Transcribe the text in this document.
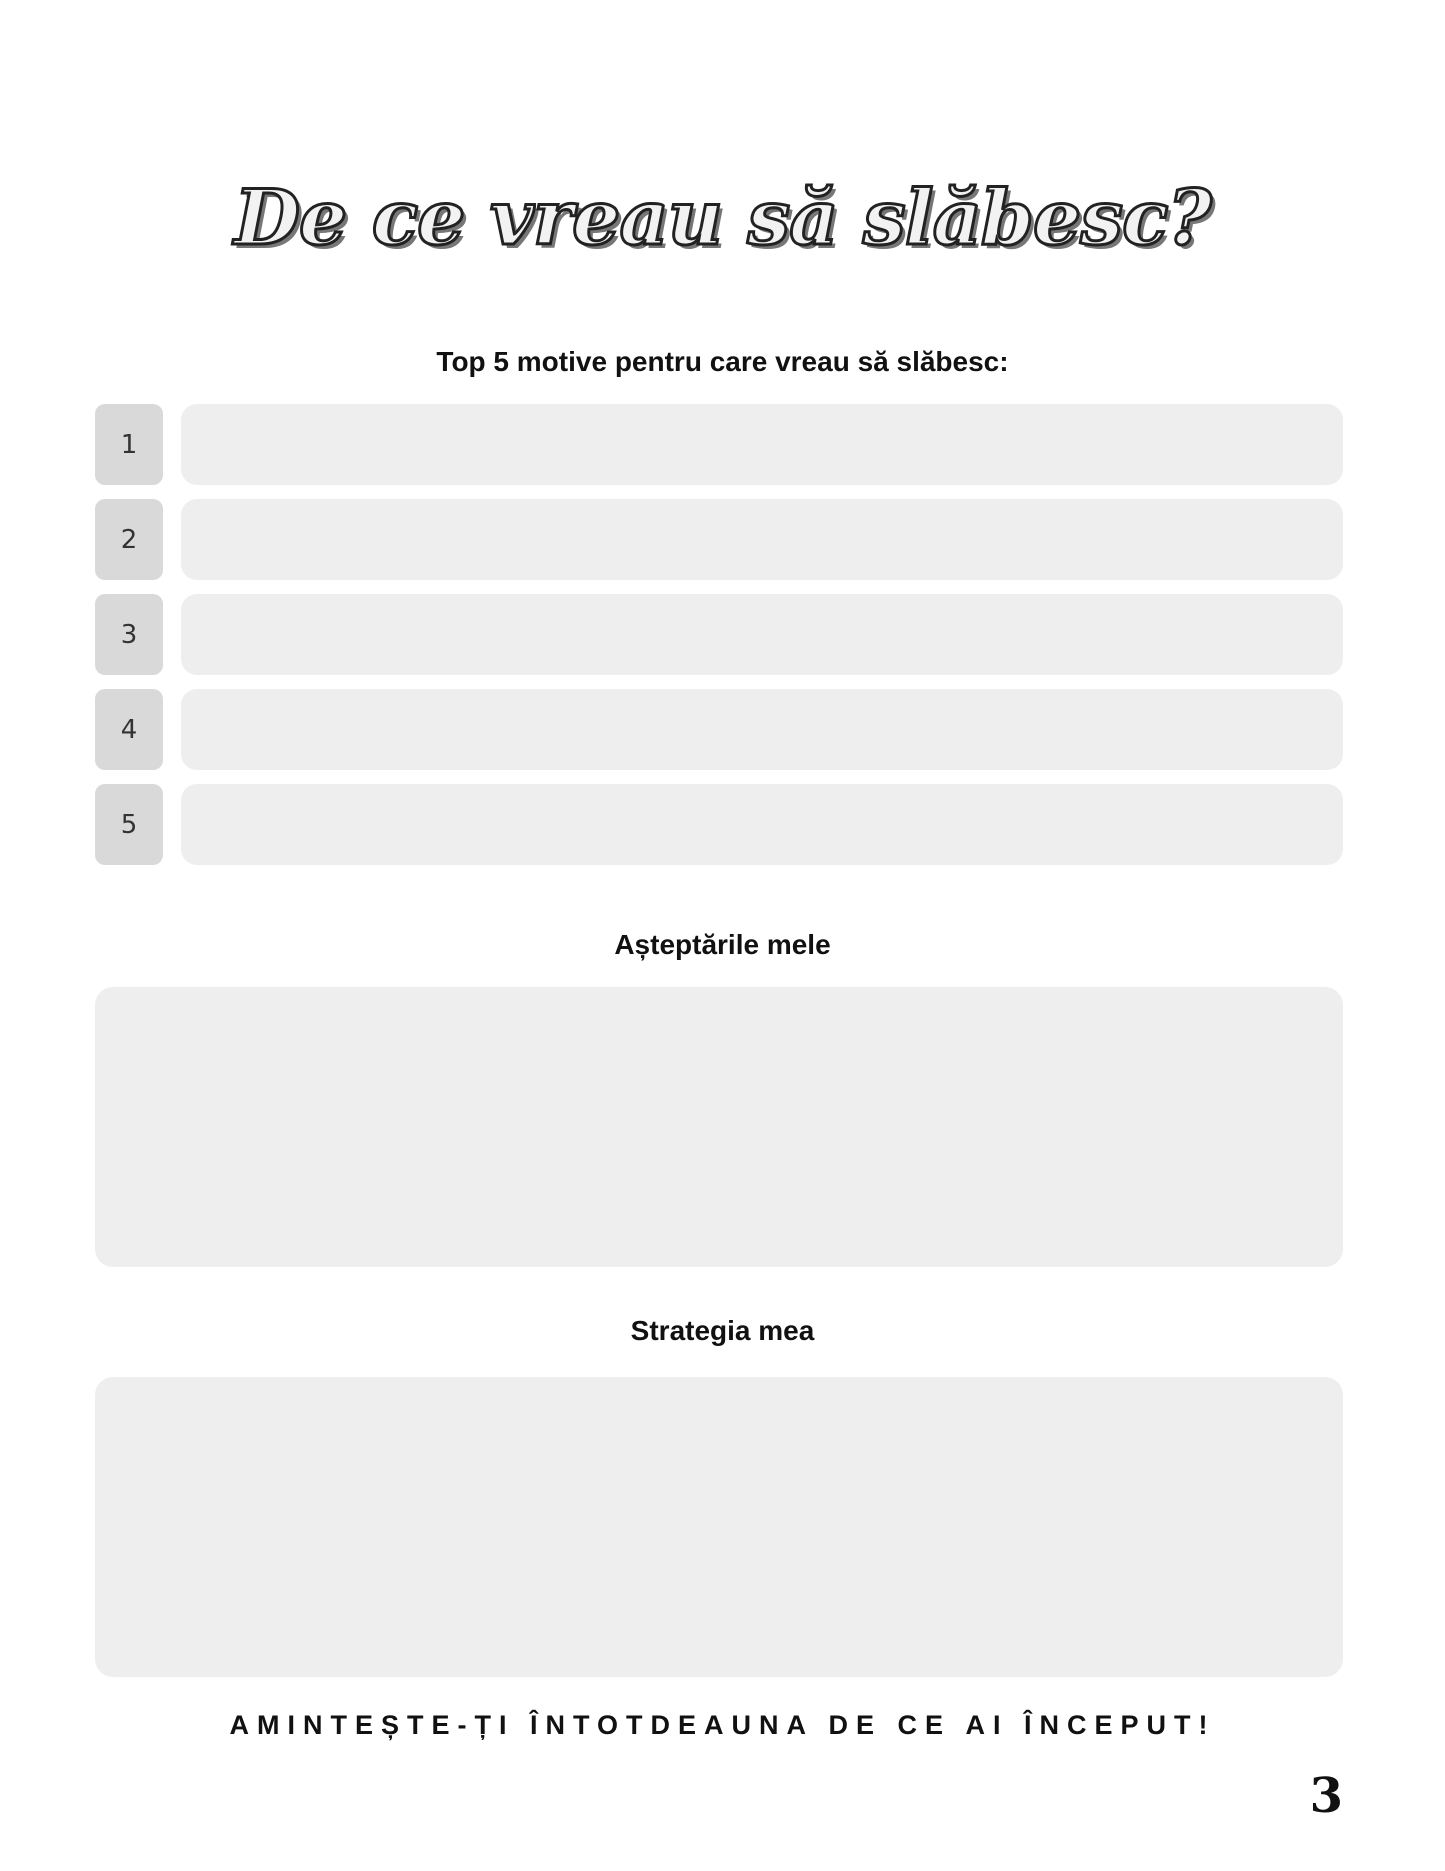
De ce vreau să slăbesc?
Top 5 motive pentru care vreau să slăbesc:
1
2
3
4
5
Așteptările mele
Strategia mea
AMINTEȘTE-ȚI ÎNTOTDEAUNA DE CE AI ÎNCEPUT!
3
